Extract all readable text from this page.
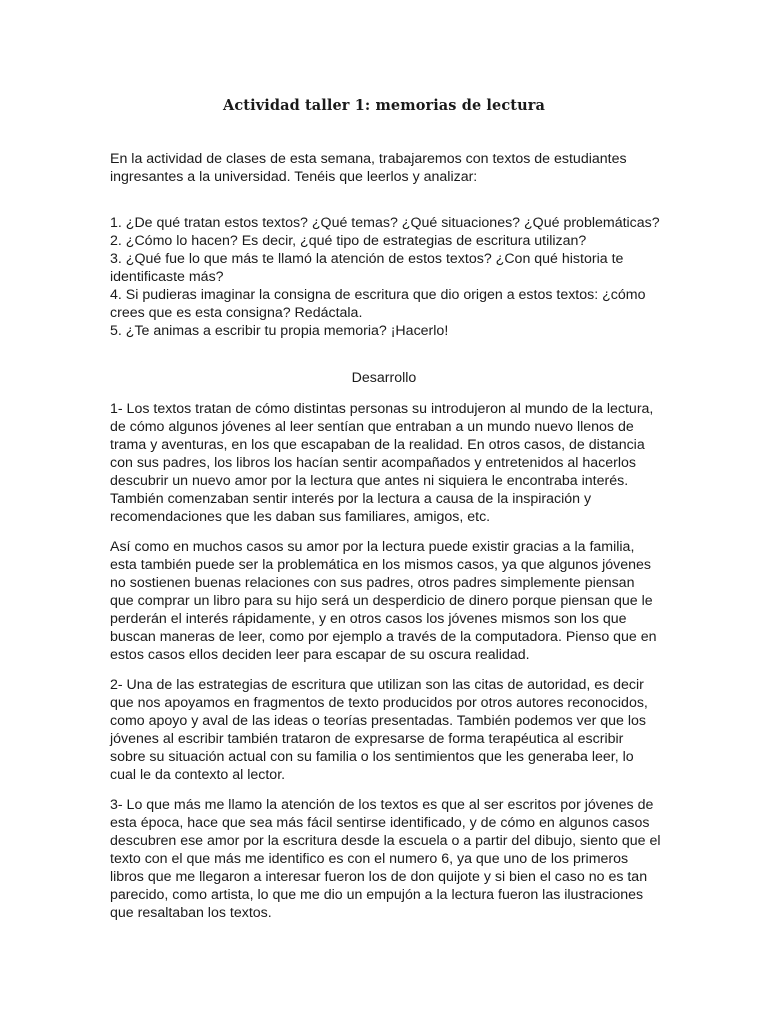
Actividad taller 1: memorias de lectura
En la actividad de clases de esta semana, trabajaremos con textos de estudiantes ingresantes a la universidad. Tenéis que leerlos y analizar:

1. ¿De qué tratan estos textos? ¿Qué temas? ¿Qué situaciones? ¿Qué problemáticas?

2. ¿Cómo lo hacen? Es decir, ¿qué tipo de estrategias de escritura utilizan?

3. ¿Qué fue lo que más te llamó la atención de estos textos? ¿Con qué historia te identificaste más?

4. Si pudieras imaginar la consigna de escritura que dio origen a estos textos: ¿cómo crees que es esta consigna? Redáctala.

5. ¿Te animas a escribir tu propia memoria? ¡Hacerlo!

Desarrollo

1- Los textos tratan de cómo distintas personas su introdujeron al mundo de la lectura, de cómo algunos jóvenes al leer sentían que entraban a un mundo nuevo llenos de trama y aventuras, en los que escapaban de la realidad. En otros casos, de distancia con sus padres, los libros los hacían sentir acompañados y entretenidos al hacerlos descubrir un nuevo amor por la lectura que antes ni siquiera le encontraba interés. También comenzaban sentir interés por la lectura a causa de la inspiración y recomendaciones que les daban sus familiares, amigos, etc.

Así como en muchos casos su amor por la lectura puede existir gracias a la familia, esta también puede ser la problemática en los mismos casos, ya que algunos jóvenes no sostienen buenas relaciones con sus padres, otros padres simplemente piensan que comprar un libro para su hijo será un desperdicio de dinero porque piensan que le perderán el interés rápidamente, y en otros casos los jóvenes mismos son los que buscan maneras de leer, como por ejemplo a través de la computadora. Pienso que en estos casos ellos deciden leer para escapar de su oscura realidad.

2- Una de las estrategias de escritura que utilizan son las citas de autoridad, es decir que nos apoyamos en fragmentos de texto producidos por otros autores reconocidos, como apoyo y aval de las ideas o teorías presentadas. También podemos ver que los jóvenes al escribir también trataron de expresarse de forma terapéutica al escribir sobre su situación actual con su familia o los sentimientos que les generaba leer, lo cual le da contexto al lector.

3- Lo que más me llamo la atención de los textos es que al ser escritos por jóvenes de esta época, hace que sea más fácil sentirse identificado, y de cómo en algunos casos descubren ese amor por la escritura desde la escuela o a partir del dibujo, siento que el texto con el que más me identifico es con el numero 6, ya que uno de los primeros libros que me llegaron a interesar fueron los de don quijote y si bien el caso no es tan parecido, como artista, lo que me dio un empujón a la lectura fueron las ilustraciones que resaltaban los textos.
